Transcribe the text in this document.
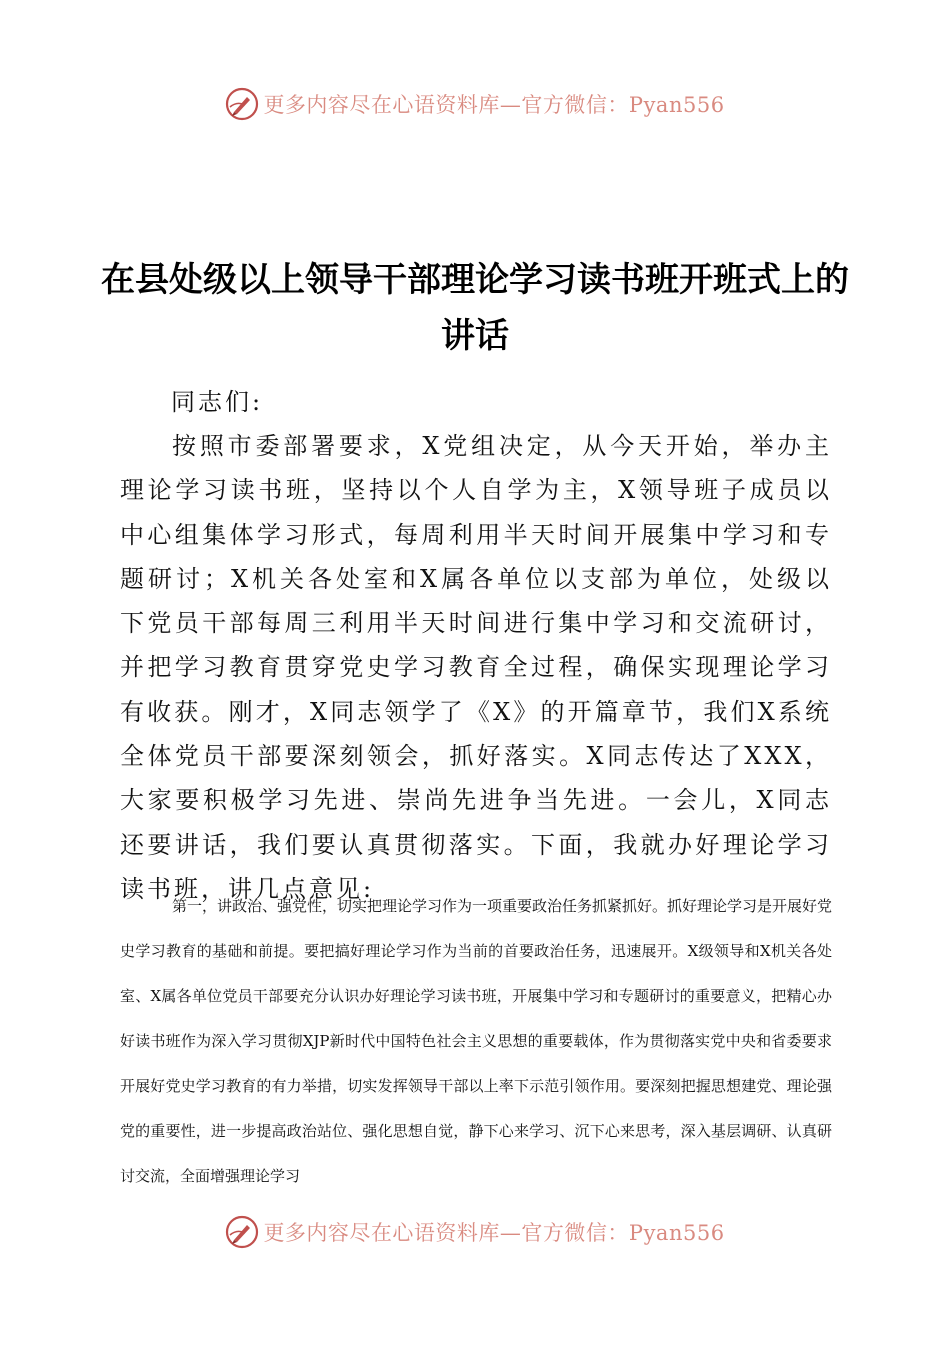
更多内容尽在心语资料库—官方微信：Pyan556
在县处级以上领导干部理论学习读书班开班式上的讲话
同志们:

按照市委部署要求，X党组决定，从今天开始，举办主理论学习读书班，坚持以个人自学为主，X领导班子成员以中心组集体学习形式，每周利用半天时间开展集中学习和专题研讨；X机关各处室和X属各单位以支部为单位，处级以下党员干部每周三利用半天时间进行集中学习和交流研讨，并把学习教育贯穿党史学习教育全过程，确保实现理论学习有收获。刚才，X同志领学了《X》的开篇章节，我们X系统全体党员干部要深刻领会，抓好落实。X同志传达了XXX，大家要积极学习先进、崇尚先进争当先进。一会儿，X同志还要讲话，我们要认真贯彻落实。下面，我就办好理论学习读书班，讲几点意见:

第一，讲政治、强党性，切实把理论学习作为一项重要政治任务抓紧抓好。抓好理论学习是开展好党史学习教育的基础和前提。要把搞好理论学习作为当前的首要政治任务，迅速展开。X级领导和X机关各处室、X属各单位党员干部要充分认识办好理论学习读书班，开展集中学习和专题研讨的重要意义，把精心办好读书班作为深入学习贯彻XJP新时代中国特色社会主义思想的重要载体，作为贯彻落实党中央和省委要求开展好党史学习教育的有力举措，切实发挥领导干部以上率下示范引领作用。要深刻把握思想建党、理论强党的重要性，进一步提高政治站位、强化思想自觉，静下心来学习、沉下心来思考，深入基层调研、认真研讨交流，全面增强理论学习

更多内容尽在心语资料库—官方微信：Pyan556
